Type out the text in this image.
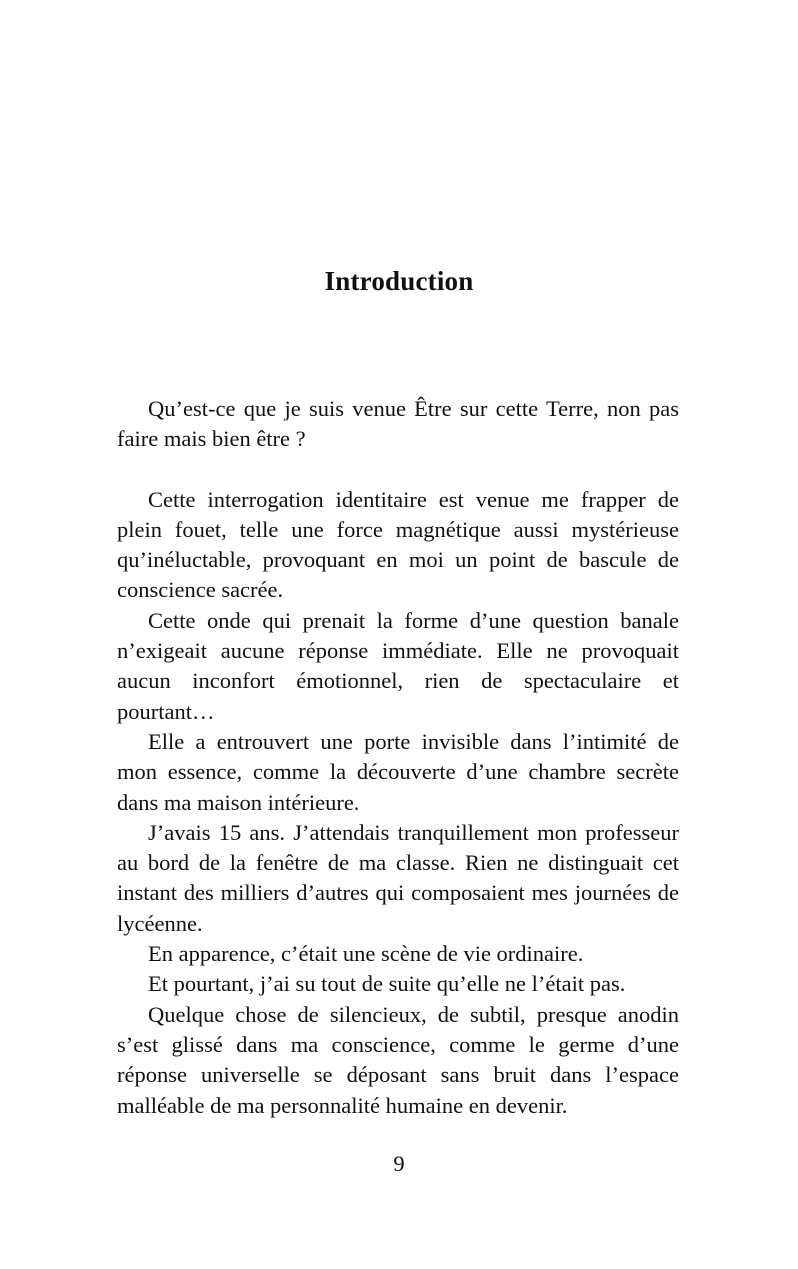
Introduction

Qu’est-ce que je suis venue Être sur cette Terre, non pas faire mais bien être ?

Cette interrogation identitaire est venue me frapper de plein fouet, telle une force magnétique aussi mystérieuse qu’inéluctable, provoquant en moi un point de bascule de conscience sacrée.

Cette onde qui prenait la forme d’une question banale n’exigeait aucune réponse immédiate. Elle ne provoquait aucun inconfort émotionnel, rien de spectaculaire et pourtant…

Elle a entrouvert une porte invisible dans l’intimité de mon essence, comme la découverte d’une chambre secrète dans ma maison intérieure.

J’avais 15 ans. J’attendais tranquillement mon professeur au bord de la fenêtre de ma classe. Rien ne distinguait cet instant des milliers d’autres qui composaient mes journées de lycéenne.

En apparence, c’était une scène de vie ordinaire.

Et pourtant, j’ai su tout de suite qu’elle ne l’était pas.

Quelque chose de silencieux, de subtil, presque anodin s’est glissé dans ma conscience, comme le germe d’une réponse universelle se déposant sans bruit dans l’espace malléable de ma personnalité humaine en devenir.

9
